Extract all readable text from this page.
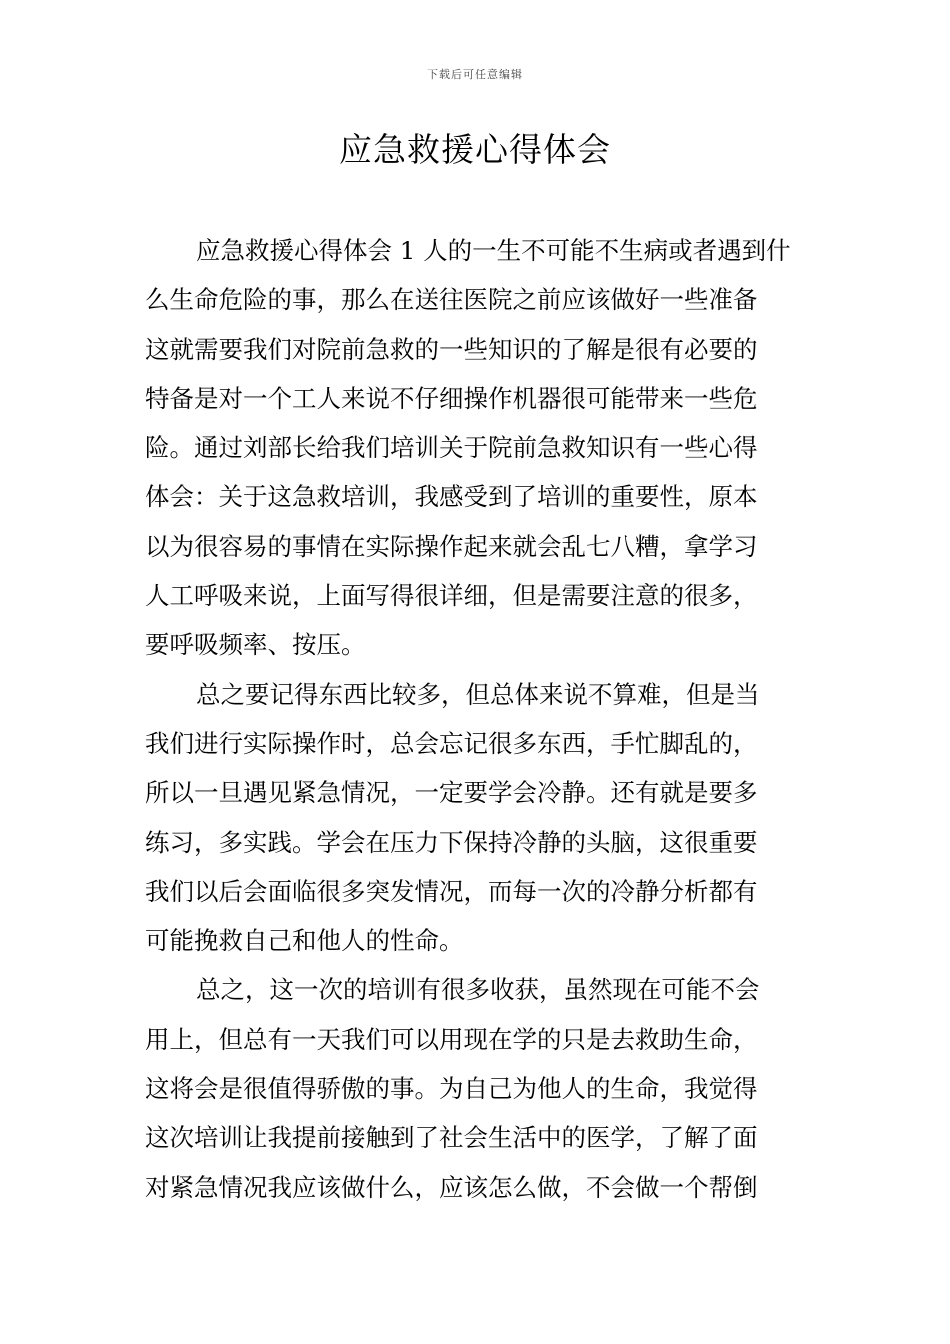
下载后可任意编辑
应急救援心得体会
应急救援心得体会 1 人的一生不可能不生病或者遇到什
么生命危险的事，那么在送往医院之前应该做好一些准备
这就需要我们对院前急救的一些知识的了解是很有必要的
特备是对一个工人来说不仔细操作机器很可能带来一些危
险。通过刘部长给我们培训关于院前急救知识有一些心得
体会：关于这急救培训，我感受到了培训的重要性，原本
以为很容易的事情在实际操作起来就会乱七八糟，拿学习
人工呼吸来说，上面写得很详细，但是需要注意的很多，
要呼吸频率、按压。
总之要记得东西比较多，但总体来说不算难，但是当
我们进行实际操作时，总会忘记很多东西，手忙脚乱的，
所以一旦遇见紧急情况，一定要学会冷静。还有就是要多
练习，多实践。学会在压力下保持冷静的头脑，这很重要
我们以后会面临很多突发情况，而每一次的冷静分析都有
可能挽救自己和他人的性命。
总之，这一次的培训有很多收获，虽然现在可能不会
用上，但总有一天我们可以用现在学的只是去救助生命，
这将会是很值得骄傲的事。为自己为他人的生命，我觉得
这次培训让我提前接触到了社会生活中的医学，了解了面
对紧急情况我应该做什么，应该怎么做，不会做一个帮倒
